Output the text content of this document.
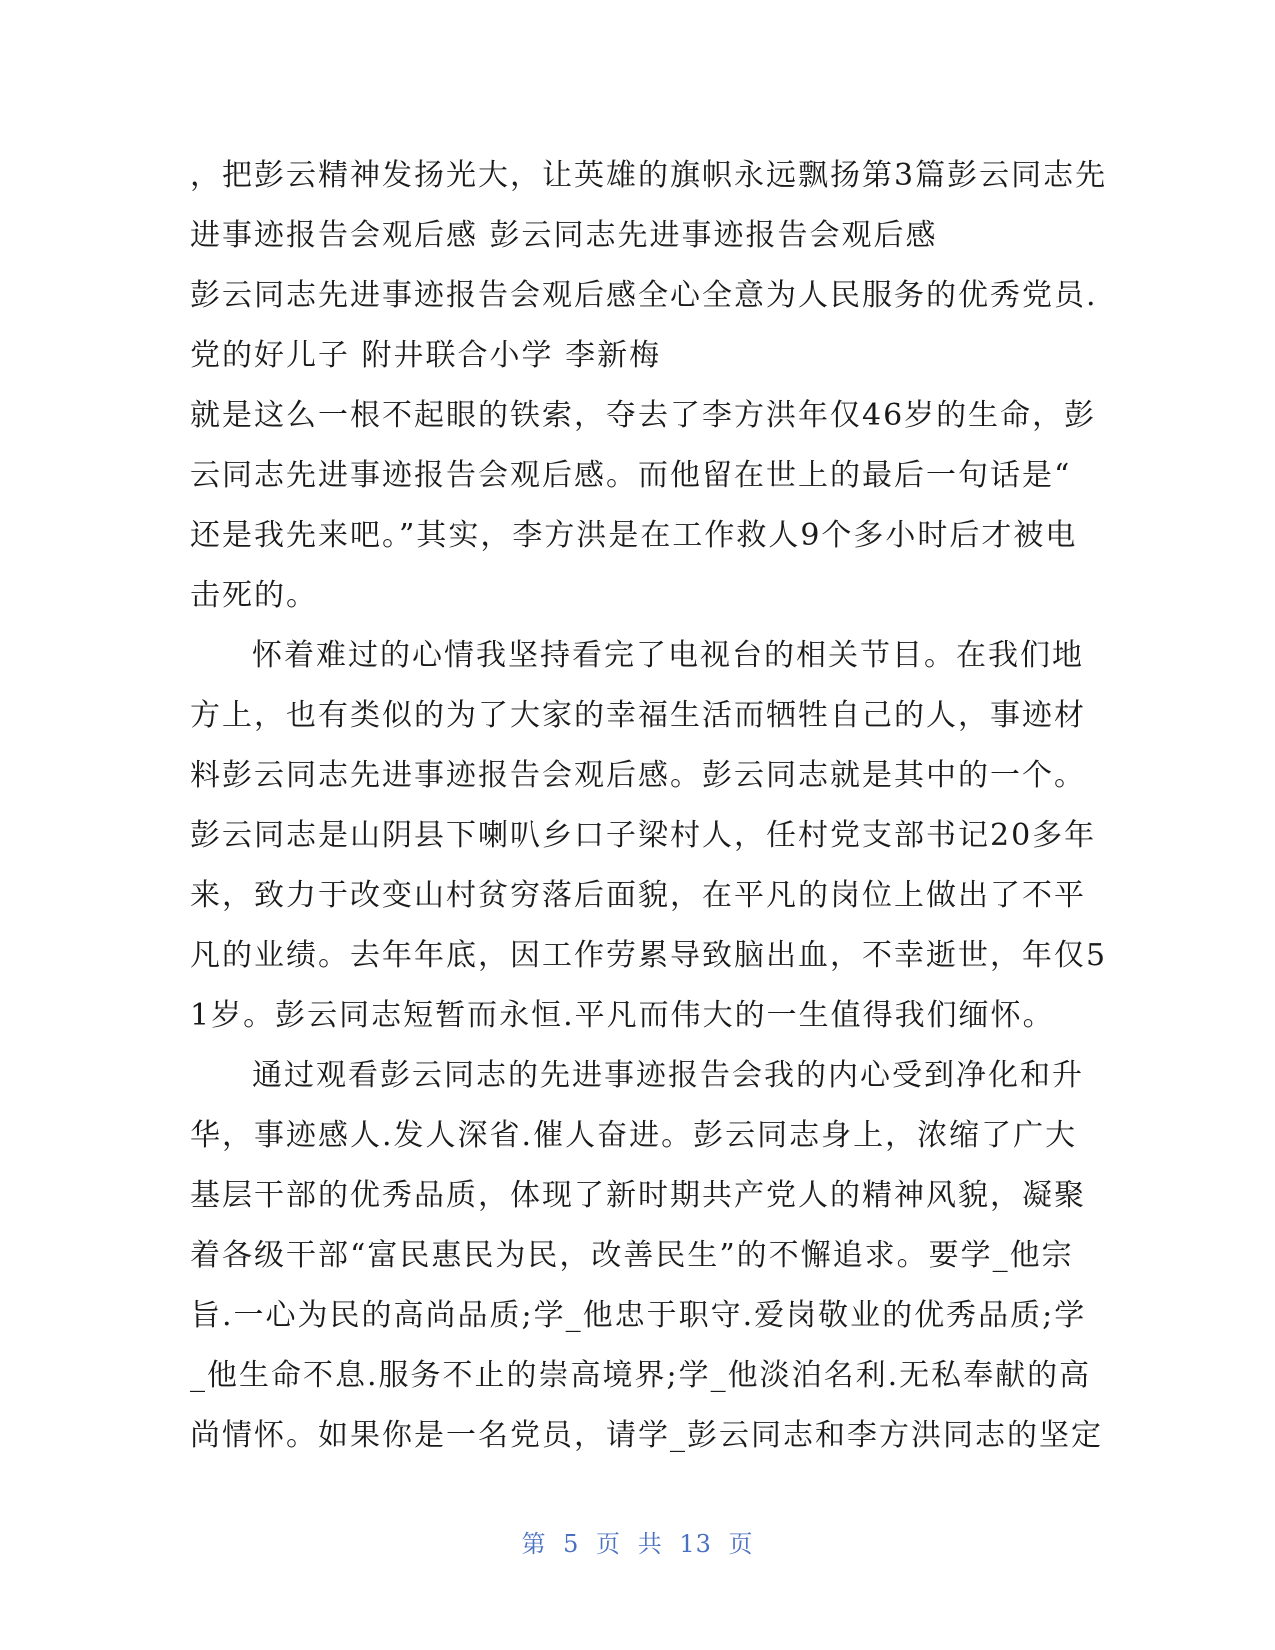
，把彭云精神发扬光大，让英雄的旗帜永远飘扬第3篇彭云同志先

进事迹报告会观后感 彭云同志先进事迹报告会观后感

彭云同志先进事迹报告会观后感全心全意为人民服务的优秀党员.

党的好儿子 附井联合小学 李新梅

就是这么一根不起眼的铁索，夺去了李方洪年仅46岁的生命，彭

云同志先进事迹报告会观后感。而他留在世上的最后一句话是“

还是我先来吧。”其实，李方洪是在工作救人9个多小时后才被电

击死的。

怀着难过的心情我坚持看完了电视台的相关节目。在我们地

方上，也有类似的为了大家的幸福生活而牺牲自己的人，事迹材

料彭云同志先进事迹报告会观后感。彭云同志就是其中的一个。

彭云同志是山阴县下喇叭乡口子梁村人，任村党支部书记20多年

来，致力于改变山村贫穷落后面貌，在平凡的岗位上做出了不平

凡的业绩。去年年底，因工作劳累导致脑出血，不幸逝世，年仅5

1岁。彭云同志短暂而永恒.平凡而伟大的一生值得我们缅怀。

通过观看彭云同志的先进事迹报告会我的内心受到净化和升

华，事迹感人.发人深省.催人奋进。彭云同志身上，浓缩了广大

基层干部的优秀品质，体现了新时期共产党人的精神风貌，凝聚

着各级干部“富民惠民为民，改善民生”的不懈追求。要学_他宗

旨.一心为民的高尚品质;学_他忠于职守.爱岗敬业的优秀品质;学

_他生命不息.服务不止的崇高境界;学_他淡泊名利.无私奉献的高

尚情怀。如果你是一名党员，请学_彭云同志和李方洪同志的坚定

第 5 页 共 13 页
